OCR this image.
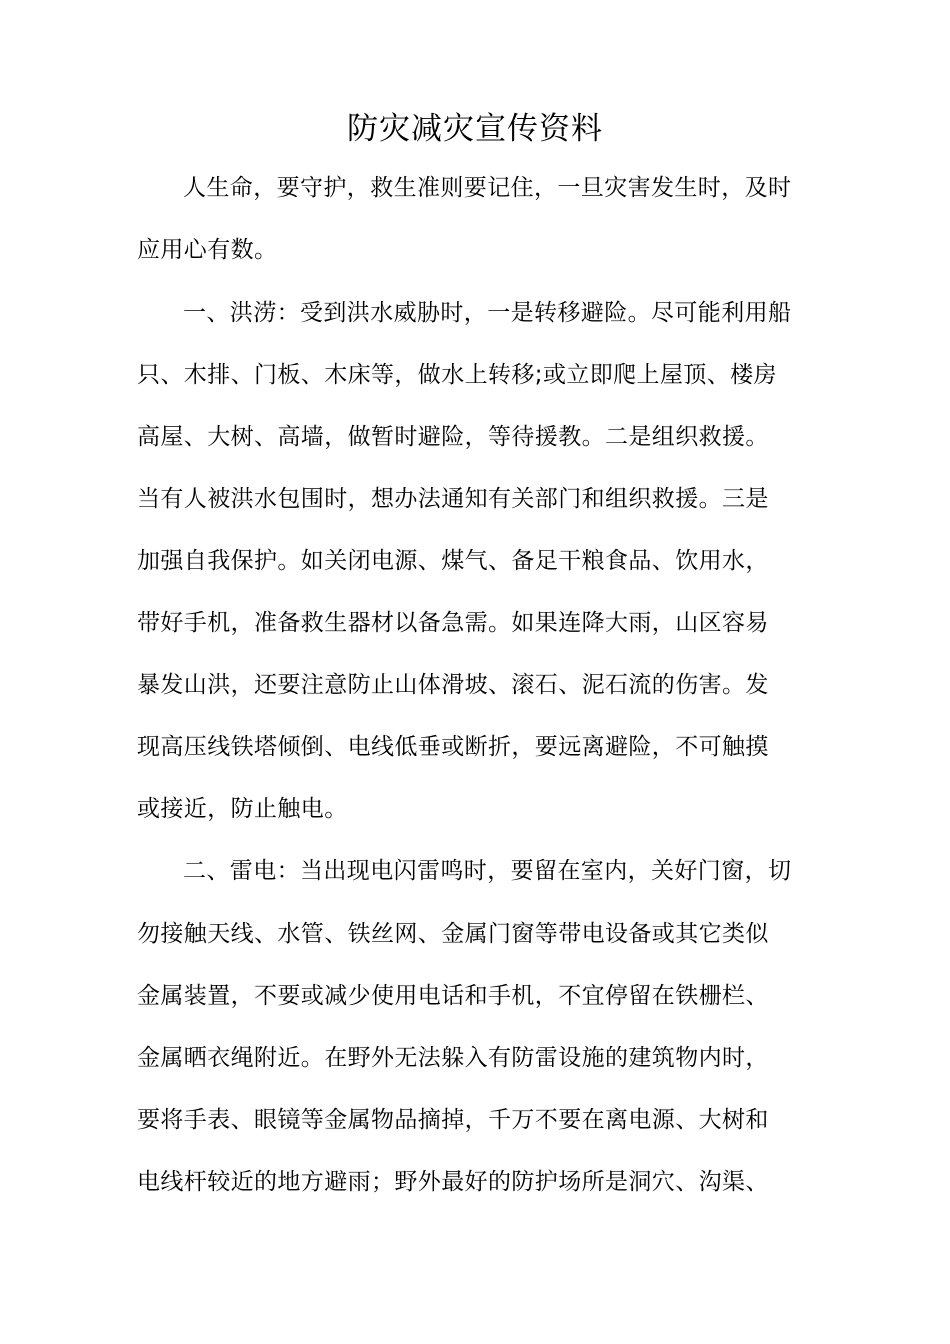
防灾减灾宣传资料
人生命，要守护，救生准则要记住，一旦灾害发生时，及时
应用心有数。
一、洪涝：受到洪水威胁时，一是转移避险。尽可能利用船
只、木排、门板、木床等，做水上转移;或立即爬上屋顶、楼房
高屋、大树、高墙，做暂时避险，等待援教。二是组织救援。
当有人被洪水包围时，想办法通知有关部门和组织救援。三是
加强自我保护。如关闭电源、煤气、备足干粮食品、饮用水，
带好手机，准备救生器材以备急需。如果连降大雨，山区容易
暴发山洪，还要注意防止山体滑坡、滚石、泥石流的伤害。发
现高压线铁塔倾倒、电线低垂或断折，要远离避险，不可触摸
或接近，防止触电。
二、雷电：当出现电闪雷鸣时，要留在室内，关好门窗，切
勿接触天线、水管、铁丝网、金属门窗等带电设备或其它类似
金属装置，不要或减少使用电话和手机，不宜停留在铁栅栏、
金属晒衣绳附近。在野外无法躲入有防雷设施的建筑物内时，
要将手表、眼镜等金属物品摘掉，千万不要在离电源、大树和
电线杆较近的地方避雨；野外最好的防护场所是洞穴、沟渠、
